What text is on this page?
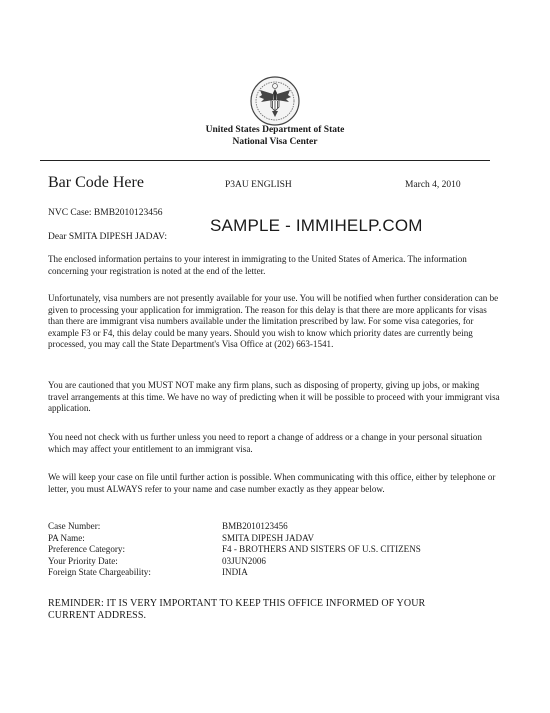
United States Department of State
National Visa Center
Bar Code Here	P3AU ENGLISH	March 4, 2010
NVC Case: BMB2010123456
SAMPLE - IMMIHELP.COM
Dear SMITA DIPESH JADAV:

The enclosed information pertains to your interest in immigrating to the United States of America. The information concerning your registration is noted at the end of the letter.

Unfortunately, visa numbers are not presently available for your use. You will be notified when further consideration can be given to processing your application for immigration. The reason for this delay is that there are more applicants for visas than there are immigrant visa numbers available under the limitation prescribed by law. For some visa categories, for example F3 or F4, this delay could be many years. Should you wish to know which priority dates are currently being processed, you may call the State Department's Visa Office at (202) 663-1541.

You are cautioned that you MUST NOT make any firm plans, such as disposing of property, giving up jobs, or making travel arrangements at this time. We have no way of predicting when it will be possible to proceed with your immigrant visa application.

You need not check with us further unless you need to report a change of address or a change in your personal situation which may affect your entitlement to an immigrant visa.

We will keep your case on file until further action is possible. When communicating with this office, either by telephone or letter, you must ALWAYS refer to your name and case number exactly as they appear below.

Case Number:	BMB2010123456
PA Name:	SMITA DIPESH JADAV
Preference Category:	F4 - BROTHERS AND SISTERS OF U.S. CITIZENS
Your Priority Date:	03JUN2006
Foreign State Chargeability:	INDIA
REMINDER: IT IS VERY IMPORTANT TO KEEP THIS OFFICE INFORMED OF YOUR CURRENT ADDRESS.
